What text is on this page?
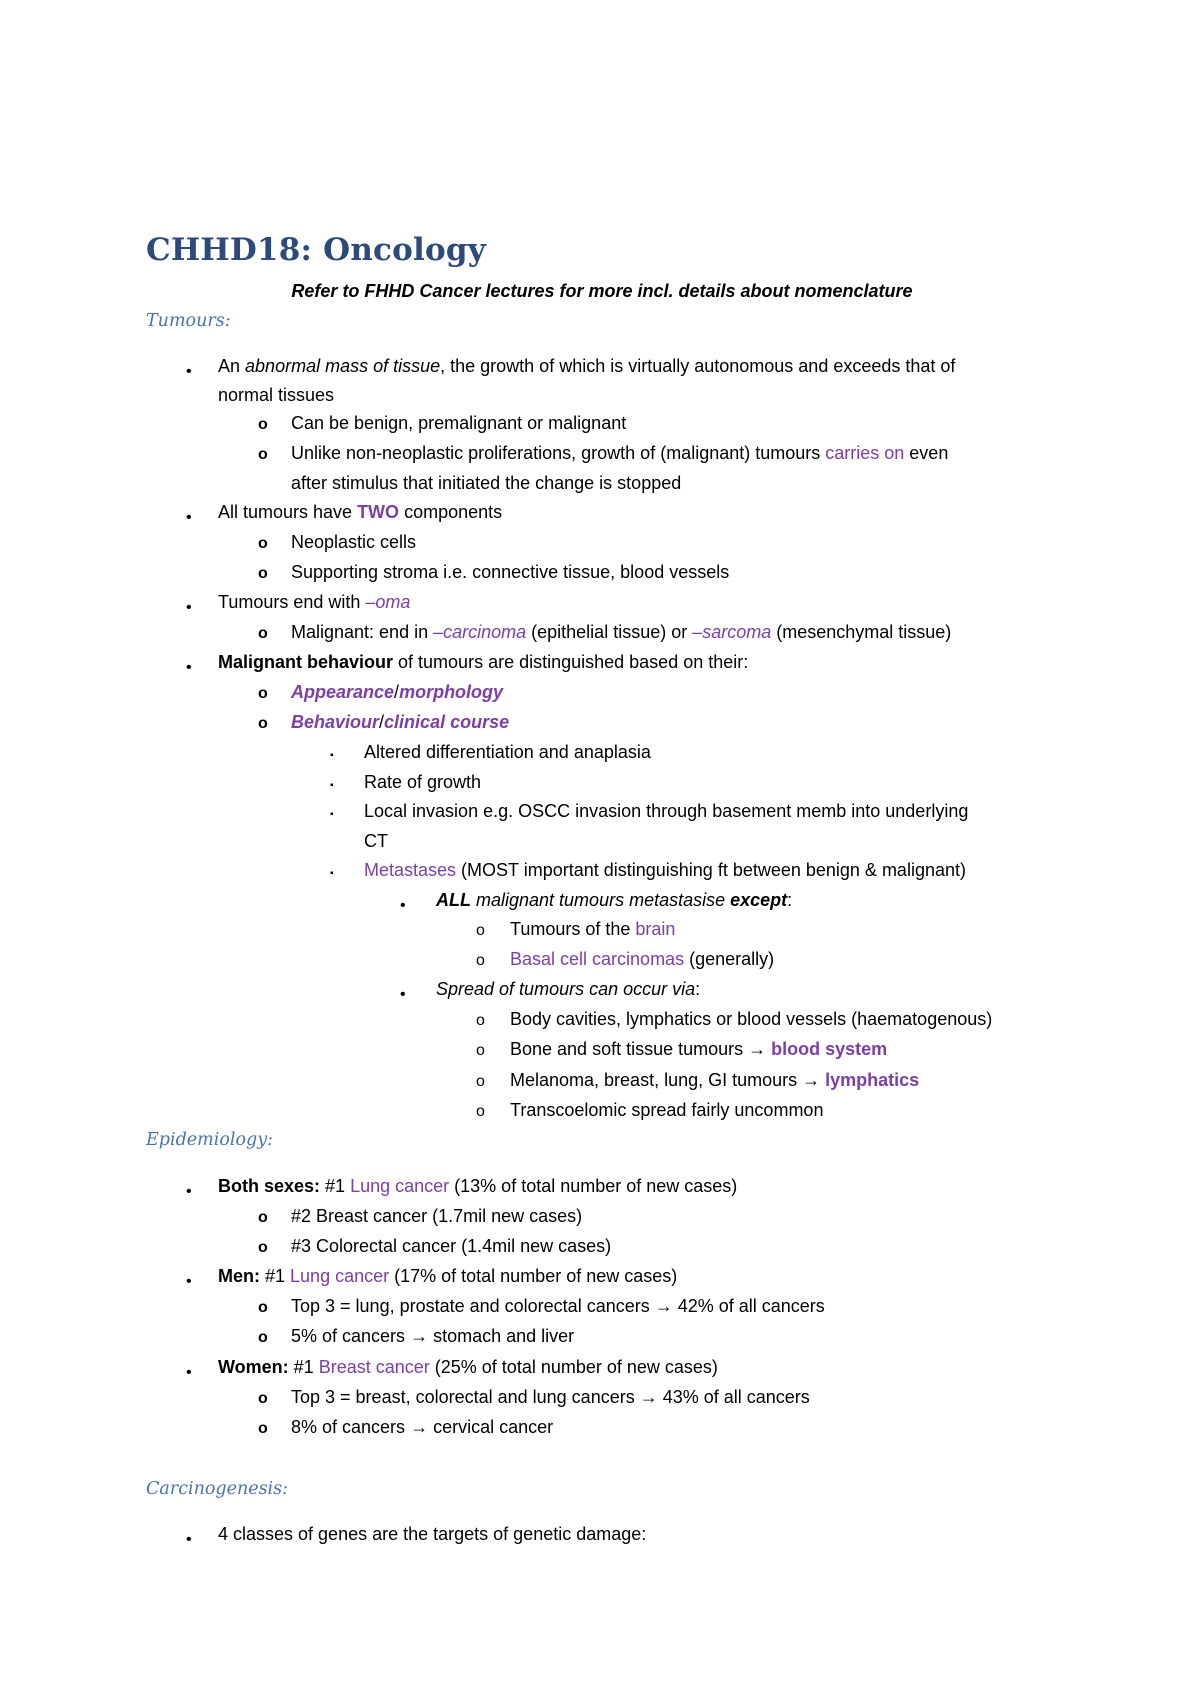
CHHD18: Oncology
Refer to FHHD Cancer lectures for more incl. details about nomenclature
Tumours:
• An abnormal mass of tissue, the growth of which is virtually autonomous and exceeds that of
normal tissues
o Can be benign, premalignant or malignant
o Unlike non-neoplastic proliferations, growth of (malignant) tumours carries on even
after stimulus that initiated the change is stopped
• All tumours have TWO components
o Neoplastic cells
o Supporting stroma i.e. connective tissue, blood vessels
• Tumours end with –oma
o Malignant: end in –carcinoma (epithelial tissue) or –sarcoma (mesenchymal tissue)
• Malignant behaviour of tumours are distinguished based on their:
o Appearance/morphology
o Behaviour/clinical course
▪ Altered differentiation and anaplasia
▪ Rate of growth
▪ Local invasion e.g. OSCC invasion through basement memb into underlying
CT
▪ Metastases (MOST important distinguishing ft between benign & malignant)
• ALL malignant tumours metastasise except:
o Tumours of the brain
o Basal cell carcinomas (generally)
• Spread of tumours can occur via:
o Body cavities, lymphatics or blood vessels (haematogenous)
o Bone and soft tissue tumours → blood system
o Melanoma, breast, lung, GI tumours → lymphatics
o Transcoelomic spread fairly uncommon
Epidemiology:
• Both sexes: #1 Lung cancer (13% of total number of new cases)
o #2 Breast cancer (1.7mil new cases)
o #3 Colorectal cancer (1.4mil new cases)
• Men: #1 Lung cancer (17% of total number of new cases)
o Top 3 = lung, prostate and colorectal cancers → 42% of all cancers
o 5% of cancers → stomach and liver
• Women: #1 Breast cancer (25% of total number of new cases)
o Top 3 = breast, colorectal and lung cancers → 43% of all cancers
o 8% of cancers → cervical cancer
Carcinogenesis:
• 4 classes of genes are the targets of genetic damage:
